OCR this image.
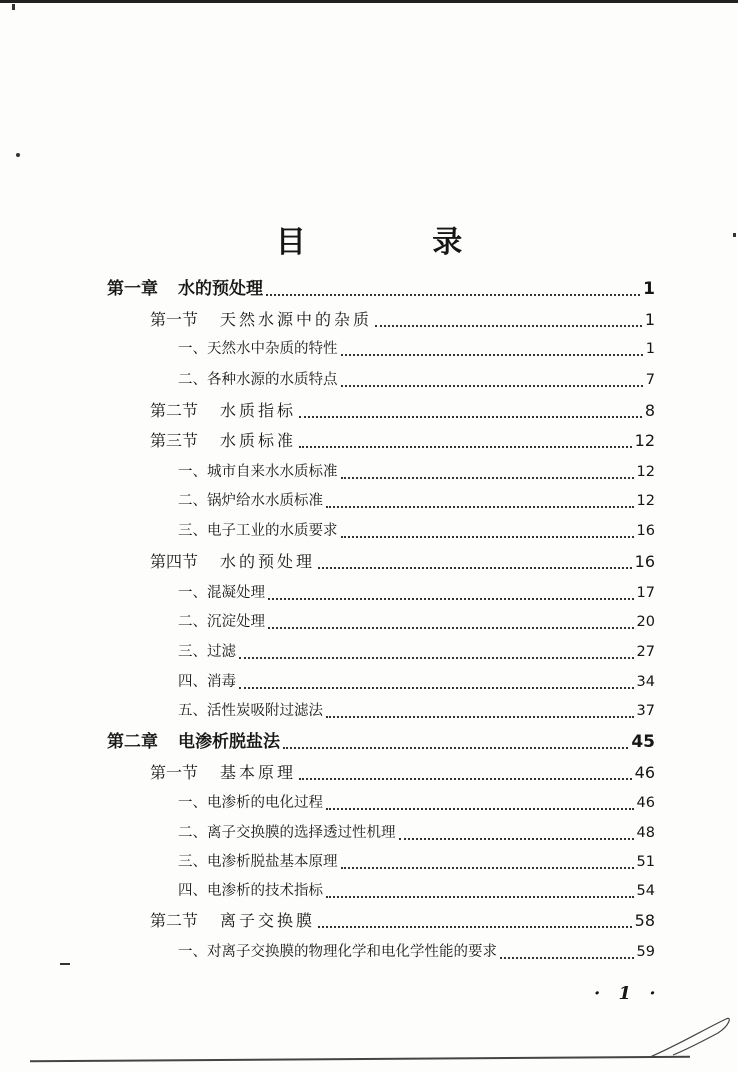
目 录
第一章 水的预处理	1
第一节 天然水源中的杂质	1
一、 天然水中杂质的特性	1
二、 各种水源的水质特点	7
第二节 水质指标	8
第三节 水质标准	12
一、 城市自来水水质标准	12
二、 锅炉给水水质标准	12
三、 电子工业的水质要求	16
第四节 水的预处理	16
一、 混凝处理	17
二、 沉淀处理	20
三、 过滤	27
四、 消毒	34
五、 活性炭吸附过滤法	37
第二章 电渗析脱盐法	45
第一节 基本原理	46
一、 电渗析的电化过程	46
二、 离子交换膜的选择透过性机理	48
三、 电渗析脱盐基本原理	51
四、 电渗析的技术指标	54
第二节 离子交换膜	58
一、 对离子交换膜的物理化学和电化学性能的要求	59
· 1 ·
